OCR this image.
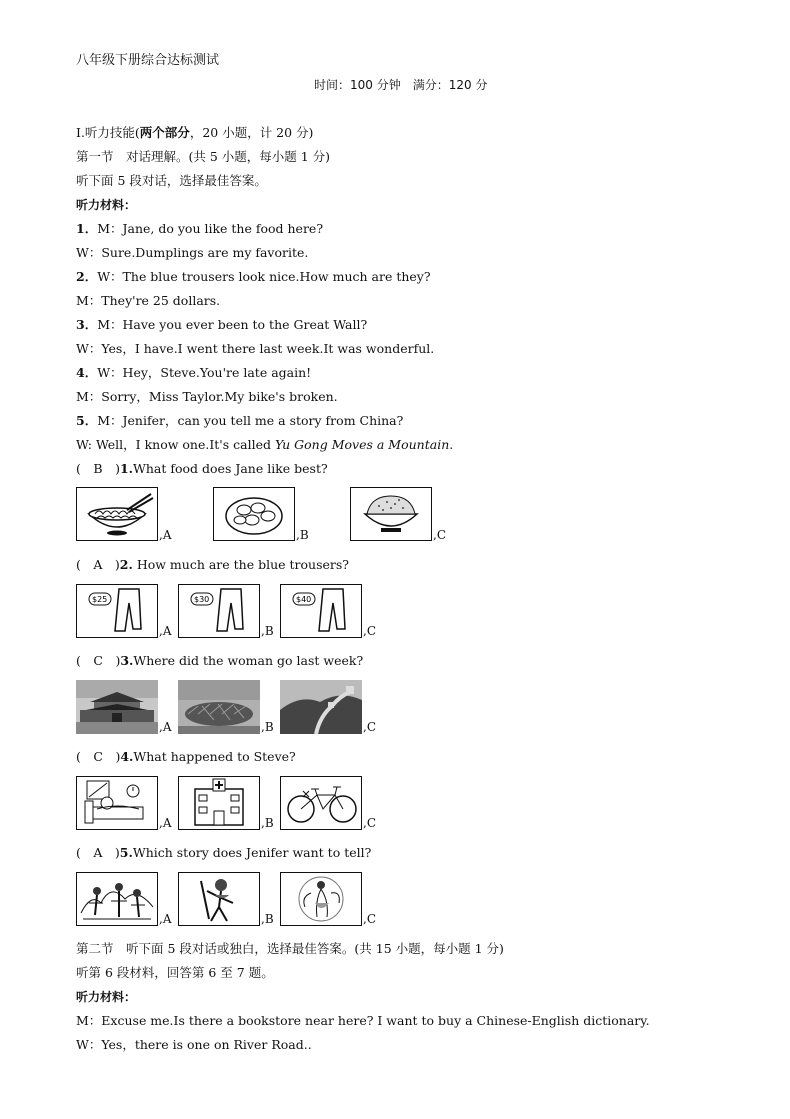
八年级下册综合达标测试
时间：100 分钟　满分：120 分
Ⅰ.听力技能(两个部分，20 小题，计 20 分)
第一节　对话理解。(共 5 小题，每小题 1 分)
听下面 5 段对话，选择最佳答案。
听力材料：
1．M：Jane, do you like the food here?
W：Sure.Dumplings are my favorite.
2．W：The blue trousers look nice.How much are they?
M：They're 25 dollars.
3．M：Have you ever been to the Great Wall?
W：Yes，I have.I went there last week.It was wonderful.
4．W：Hey，Steve.You're late again!
M：Sorry，Miss Taylor.My bike's broken.
5．M：Jenifer，can you tell me a story from China?
W: Well，I know one.It's called Yu Gong Moves a Mountain.
(　B　)1.What food does Jane like best?
,A	,B	,C
(　A　)2. How much are the blue trousers?
$25
,A
$30
,B
$40
,C
(　C　)3.Where did the woman go last week?
,A	,B	,C
(　C　)4.What happened to Steve?
,A	,B	,C
(　A　)5.Which story does Jenifer want to tell?
,A	,B	,C
第二节　听下面 5 段对话或独白，选择最佳答案。(共 15 小题，每小题 1 分)
听第 6 段材料，回答第 6 至 7 题。
听力材料：
M：Excuse me.Is there a bookstore near here? I want to buy a Chinese-English dictionary.
W：Yes，there is one on River Road..
